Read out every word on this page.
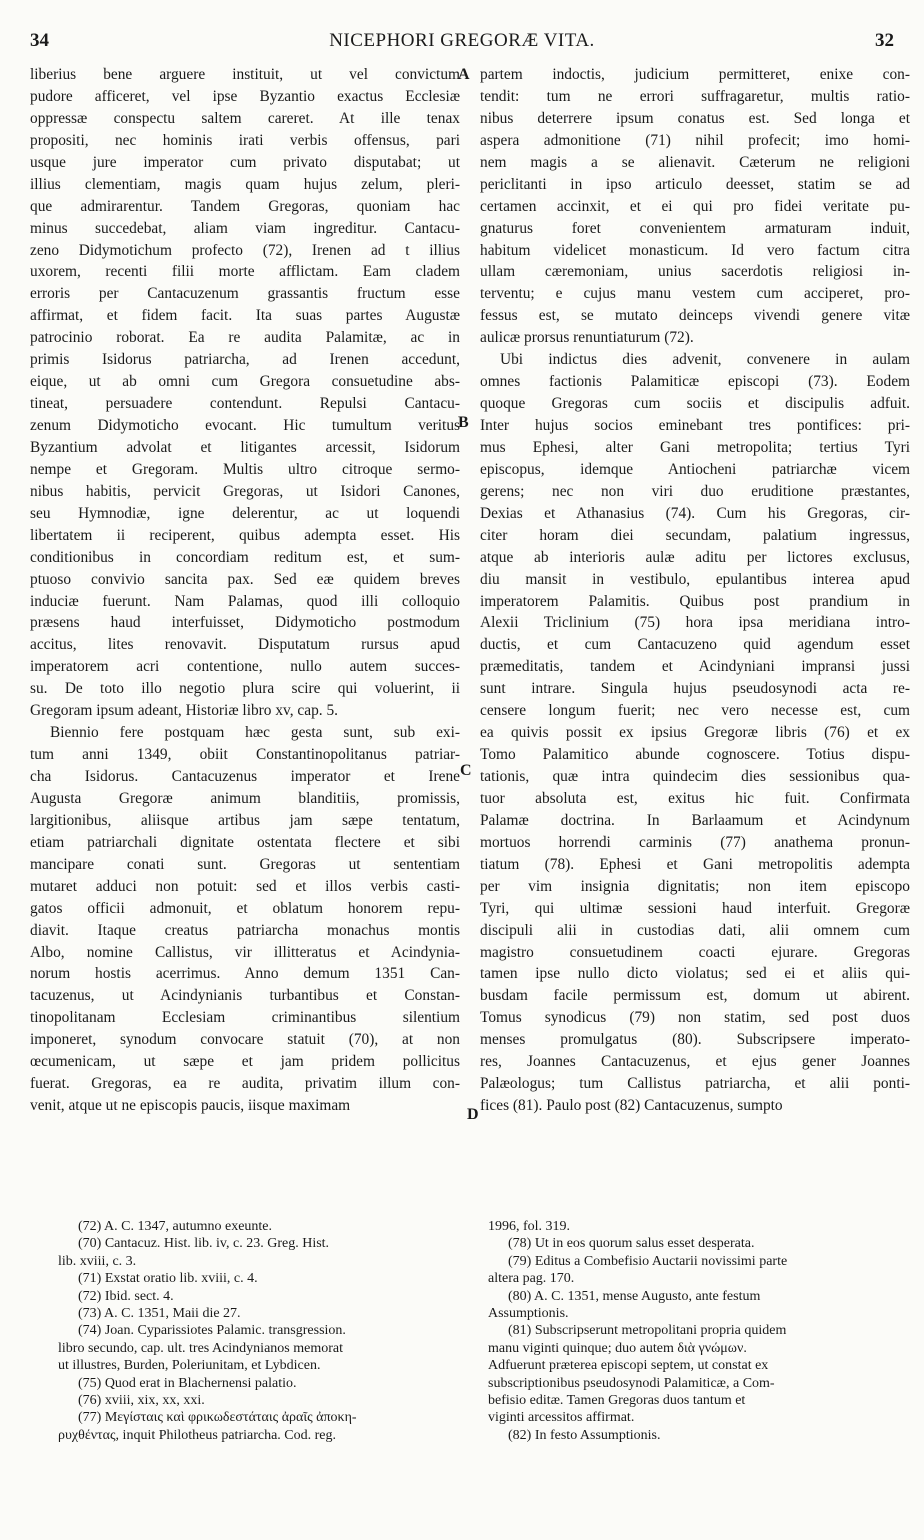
34	NICEPHORI GREGORÆ VITA.	32
liberius bene arguere instituit, ut vel convictum
pudore afficeret, vel ipse Byzantio exactus Ecclesiæ
oppressæ conspectu saltem careret. At ille tenax
propositi, nec hominis irati verbis offensus, pari
usque jure imperator cum privato disputabat; ut
illius clementiam, magis quam hujus zelum, pleri-
que admirarentur. Tandem Gregoras, quoniam hac
minus succedebat, aliam viam ingreditur. Cantacu-
zeno Didymotichum profecto (72), Irenen ad t illius
uxorem, recenti filii morte afflictam. Eam cladem
erroris per Cantacuzenum grassantis fructum esse
affirmat, et fidem facit. Ita suas partes Augustæ
patrocinio roborat. Ea re audita Palamitæ, ac in
primis Isidorus patriarcha, ad Irenen accedunt,
eique, ut ab omni cum Gregora consuetudine abs-
tineat, persuadere contendunt. Repulsi Cantacu-
zenum Didymoticho evocant. Hic tumultum veritus
Byzantium advolat et litigantes arcessit, Isidorum
nempe et Gregoram. Multis ultro citroque sermo-
nibus habitis, pervicit Gregoras, ut Isidori Canones,
seu Hymnodiæ, igne delerentur, ac ut loquendi
libertatem ii reciperent, quibus adempta esset. His
conditionibus in concordiam reditum est, et sum-
ptuoso convivio sancita pax. Sed eæ quidem breves
induciæ fuerunt. Nam Palamas, quod illi colloquio
præsens haud interfuisset, Didymoticho postmodum
accitus, lites renovavit. Disputatum rursus apud
imperatorem acri contentione, nullo autem succes-
su. De toto illo negotio plura scire qui voluerint, ii
Gregoram ipsum adeant, Historiæ libro xv, cap. 5.
Biennio fere postquam hæc gesta sunt, sub exi-
tum anni 1349, obiit Constantinopolitanus patriar-
cha Isidorus. Cantacuzenus imperator et Irene
Augusta Gregoræ animum blanditiis, promissis,
largitionibus, aliisque artibus jam sæpe tentatum,
etiam patriarchali dignitate ostentata flectere et sibi
mancipare conati sunt. Gregoras ut sententiam
mutaret adduci non potuit: sed et illos verbis casti-
gatos officii admonuit, et oblatum honorem repu-
diavit. Itaque creatus patriarcha monachus montis
Albo, nomine Callistus, vir illitteratus et Acindynia-
norum hostis acerrimus. Anno demum 1351 Can-
tacuzenus, ut Acindynianis turbantibus et Constan-
tinopolitanam Ecclesiam criminantibus silentium
imponeret, synodum convocare statuit (70), at non
œcumenicam, ut sæpe et jam pridem pollicitus
fuerat. Gregoras, ea re audita, privatim illum con-
venit, atque ut ne episcopis paucis, iisque maximam
partem indoctis, judicium permitteret, enixe con-
tendit: tum ne errori suffragaretur, multis ratio-
nibus deterrere ipsum conatus est. Sed longa et
aspera admonitione (71) nihil profecit; imo homi-
nem magis a se alienavit. Cæterum ne religioni
periclitanti in ipso articulo deesset, statim se ad
certamen accinxit, et ei qui pro fidei veritate pu-
gnaturus foret convenientem armaturam induit,
habitum videlicet monasticum. Id vero factum citra
ullam cæremoniam, unius sacerdotis religiosi in-
terventu; e cujus manu vestem cum acciperet, pro-
fessus est, se mutato deinceps vivendi genere vitæ
aulicæ prorsus renuntiaturum (72).
Ubi indictus dies advenit, convenere in aulam
omnes factionis Palamiticæ episcopi (73). Eodem
quoque Gregoras cum sociis et discipulis adfuit.
Inter hujus socios eminebant tres pontifices: pri-
mus Ephesi, alter Gani metropolita; tertius Tyri
episcopus, idemque Antiocheni patriarchæ vicem
gerens; nec non viri duo eruditione præstantes,
Dexias et Athanasius (74). Cum his Gregoras, cir-
citer horam diei secundam, palatium ingressus,
atque ab interioris aulæ aditu per lictores exclusus,
diu mansit in vestibulo, epulantibus interea apud
imperatorem Palamitis. Quibus post prandium in
Alexii Triclinium (75) hora ipsa meridiana intro-
ductis, et cum Cantacuzeno quid agendum esset
præmeditatis, tandem et Acindyniani impransi jussi
sunt intrare. Singula hujus pseudosynodi acta re-
censere longum fuerit; nec vero necesse est, cum
ea quivis possit ex ipsius Gregoræ libris (76) et ex
Tomo Palamitico abunde cognoscere. Totius dispu-
tationis, quæ intra quindecim dies sessionibus qua-
tuor absoluta est, exitus hic fuit. Confirmata
Palamæ doctrina. In Barlaamum et Acindynum
mortuos horrendi carminis (77) anathema pronun-
tiatum (78). Ephesi et Gani metropolitis adempta
per vim insignia dignitatis; non item episcopo
Tyri, qui ultimæ sessioni haud interfuit. Gregoræ
discipuli alii in custodias dati, alii omnem cum
magistro consuetudinem coacti ejurare. Gregoras
tamen ipse nullo dicto violatus; sed ei et aliis qui-
busdam facile permissum est, domum ut abirent.
Tomus synodicus (79) non statim, sed post duos
menses promulgatus (80). Subscripsere imperato-
res, Joannes Cantacuzenus, et ejus gener Joannes
Palæologus; tum Callistus patriarcha, et alii ponti-
fices (81). Paulo post (82) Cantacuzenus, sumpto
A
B
C
D
(72) A. C. 1347, autumno exeunte.
(70) Cantacuz. Hist. lib. iv, c. 23. Greg. Hist.
lib. xviii, c. 3.
(71) Exstat oratio lib. xviii, c. 4.
(72) Ibid. sect. 4.
(73) A. C. 1351, Maii die 27.
(74) Joan. Cyparissiotes Palamic. transgression.
libro secundo, cap. ult. tres Acindynianos memorat
ut illustres, Burden, Poleriunitam, et Lybdicen.
(75) Quod erat in Blachernensi palatio.
(76) xviii, xix, xx, xxi.
(77) Μεγίσταις καὶ φρικωδεστάταις ἀραῖς ἀποκη-
ρυχθέντας, inquit Philotheus patriarcha. Cod. reg.
1996, fol. 319.
(78) Ut in eos quorum salus esset desperata.
(79) Editus a Combefisio Auctarii novissimi parte
altera pag. 170.
(80) A. C. 1351, mense Augusto, ante festum
Assumptionis.
(81) Subscripserunt metropolitani propria quidem
manu viginti quinque; duo autem διὰ γνώμων.
Adfuerunt præterea episcopi septem, ut constat ex
subscriptionibus pseudosynodi Palamiticæ, a Com-
befisio editæ. Tamen Gregoras duos tantum et
viginti arcessitos affirmat.
(82) In festo Assumptionis.
